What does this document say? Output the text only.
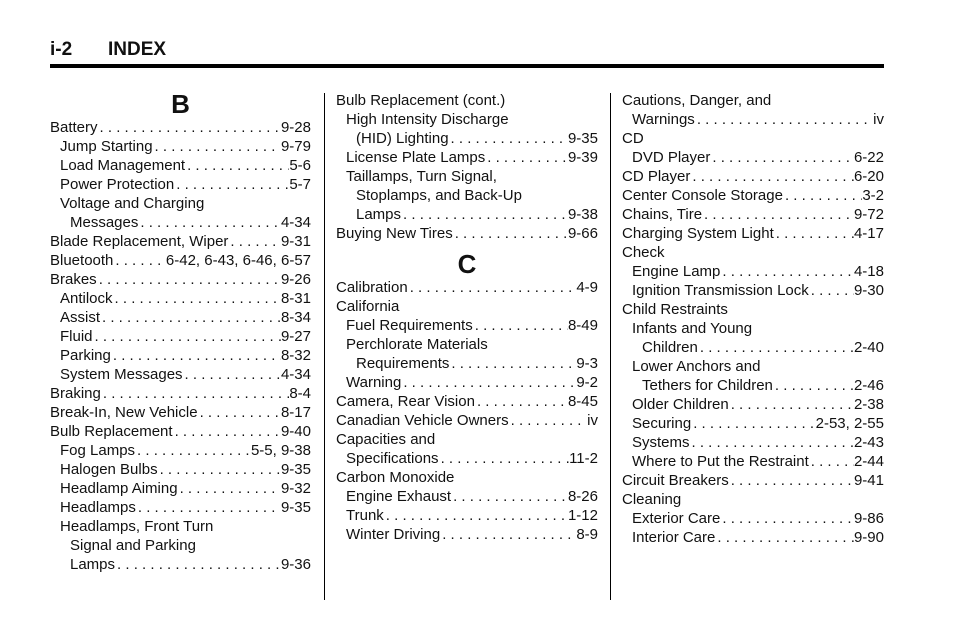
i-2 INDEX
B
Battery . . .	9-28
Jump Starting . . .	9-79
Load Management . . .	5-6
Power Protection . . .	5-7
Voltage and Charging
Messages . . .	4-34
Blade Replacement, Wiper . . .	9-31
Bluetooth . . .	6-42, 6-43, 6-46, 6-57
Brakes . . .	9-26
Antilock . . .	8-31
Assist . . .	8-34
Fluid . . .	9-27
Parking . . .	8-32
System Messages . . .	4-34
Braking . . .	8-4
Break-In, New Vehicle . . .	8-17
Bulb Replacement . . .	9-40
Fog Lamps . . .	5-5, 9-38
Halogen Bulbs . . .	9-35
Headlamp Aiming . . .	9-32
Headlamps . . .	9-35
Headlamps, Front Turn
Signal and Parking
Lamps . . .	9-36
Bulb Replacement (cont.)
High Intensity Discharge
(HID) Lighting . . .	9-35
License Plate Lamps . . .	9-39
Taillamps, Turn Signal,
Stoplamps, and Back-Up
Lamps . . .	9-38
Buying New Tires . . .	9-66
C
Calibration . . .	4-9
California
Fuel Requirements . . .	8-49
Perchlorate Materials
Requirements . . .	9-3
Warning . . .	9-2
Camera, Rear Vision . . .	8-45
Canadian Vehicle Owners . . .	iv
Capacities and
Specifications . . .	11-2
Carbon Monoxide
Engine Exhaust . . .	8-26
Trunk . . .	1-12
Winter Driving . . .	8-9
Cautions, Danger, and
Warnings . . .	iv
CD
DVD Player . . .	6-22
CD Player . . .	6-20
Center Console Storage . . .	3-2
Chains, Tire . . .	9-72
Charging System Light . . .	4-17
Check
Engine Lamp . . .	4-18
Ignition Transmission Lock . . .	9-30
Child Restraints
Infants and Young
Children . . .	2-40
Lower Anchors and
Tethers for Children . . .	2-46
Older Children . . .	2-38
Securing . . .	2-53, 2-55
Systems . . .	2-43
Where to Put the Restraint . . .	2-44
Circuit Breakers . . .	9-41
Cleaning
Exterior Care . . .	9-86
Interior Care . . .	9-90
